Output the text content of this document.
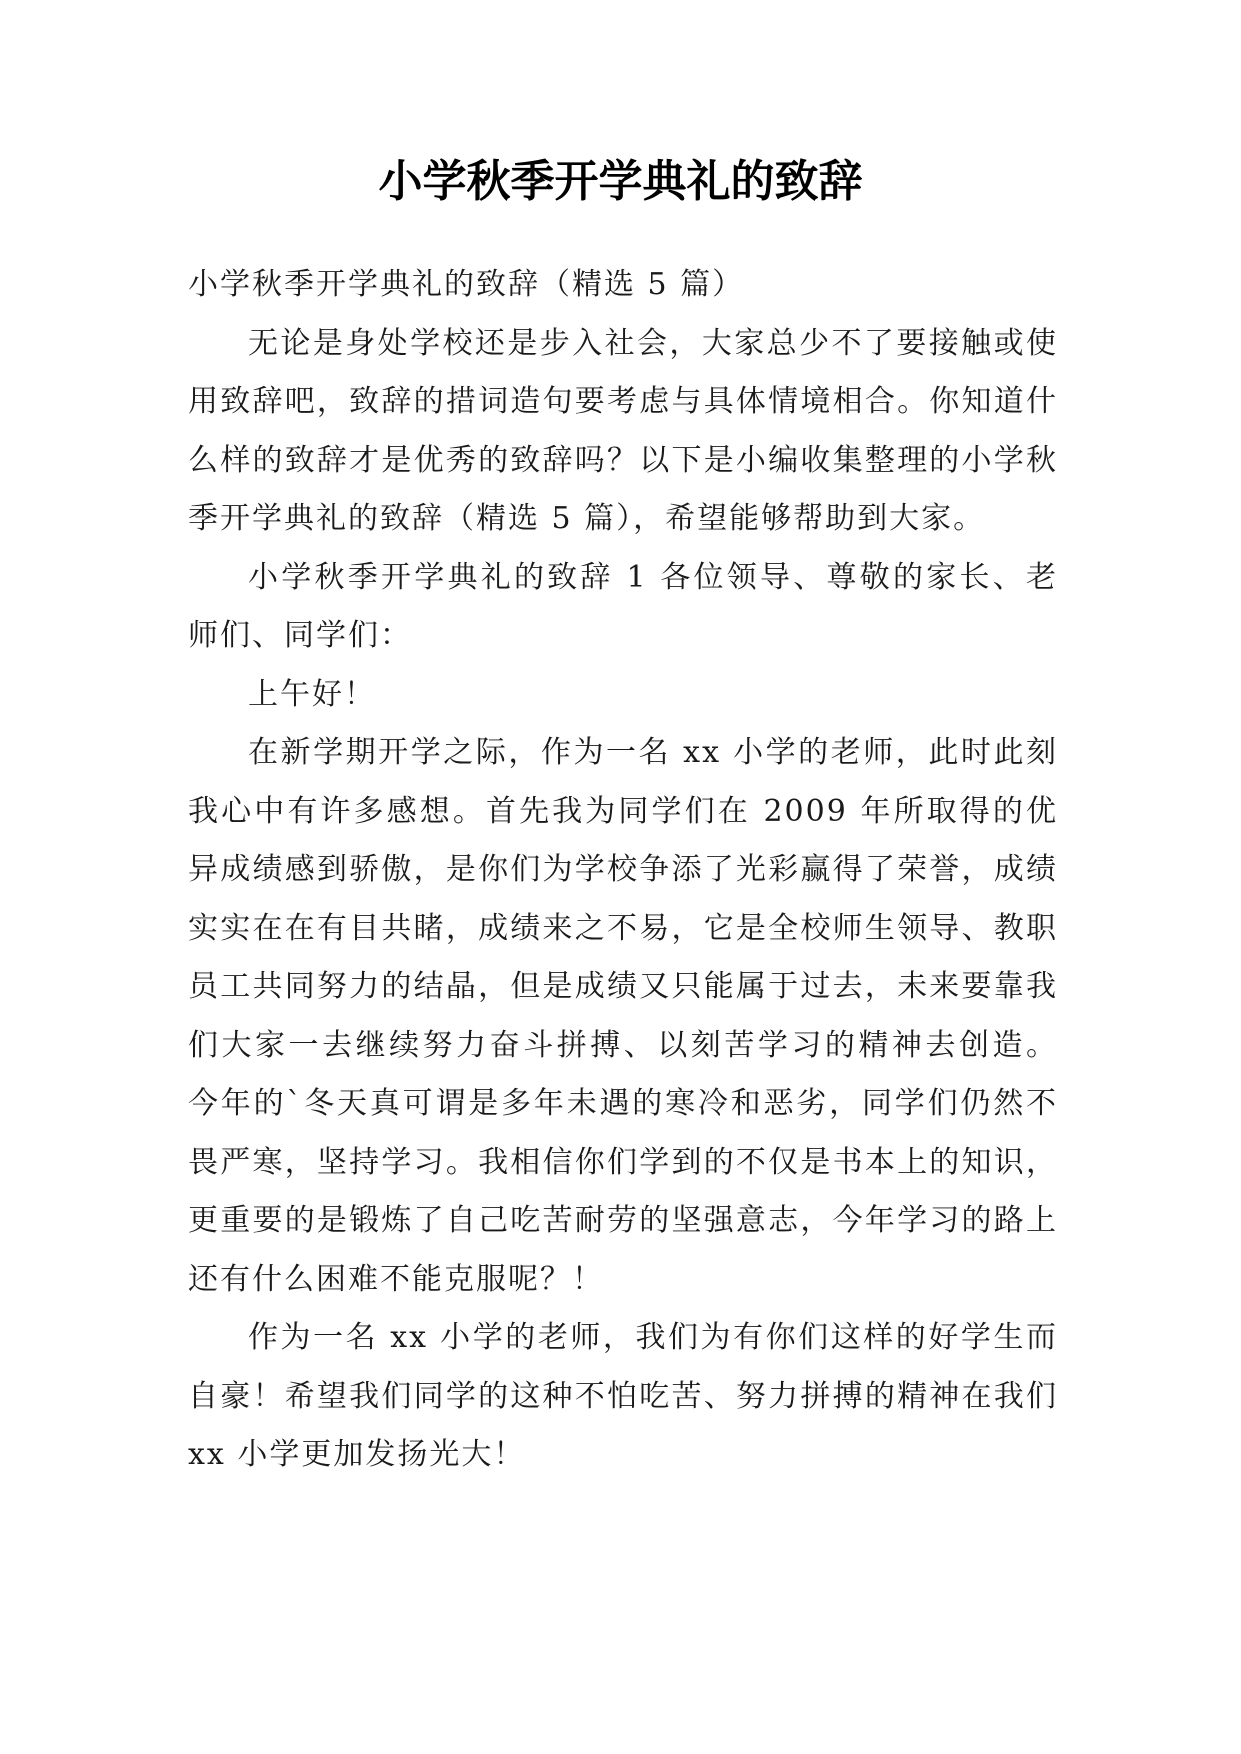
小学秋季开学典礼的致辞

小学秋季开学典礼的致辞（精选 5 篇）

无论是身处学校还是步入社会，大家总少不了要接触或使用致辞吧，致辞的措词造句要考虑与具体情境相合。你知道什么样的致辞才是优秀的致辞吗？以下是小编收集整理的小学秋季开学典礼的致辞（精选 5 篇），希望能够帮助到大家。

小学秋季开学典礼的致辞 1 各位领导、尊敬的家长、老师们、同学们：

上午好！

在新学期开学之际，作为一名 xx 小学的老师，此时此刻我心中有许多感想。首先我为同学们在 2009 年所取得的优异成绩感到骄傲，是你们为学校争添了光彩赢得了荣誉，成绩实实在在有目共睹，成绩来之不易，它是全校师生领导、教职员工共同努力的结晶，但是成绩又只能属于过去，未来要靠我们大家一去继续努力奋斗拼搏、以刻苦学习的精神去创造。 今年的`冬天真可谓是多年未遇的寒冷和恶劣，同学们仍然不畏严寒，坚持学习。我相信你们学到的不仅是书本上的知识，更重要的是锻炼了自己吃苦耐劳的坚强意志，今年学习的路上还有什么困难不能克服呢？！

作为一名 xx 小学的老师，我们为有你们这样的好学生而自豪！希望我们同学的这种不怕吃苦、努力拼搏的精神在我们 xx 小学更加发扬光大！
